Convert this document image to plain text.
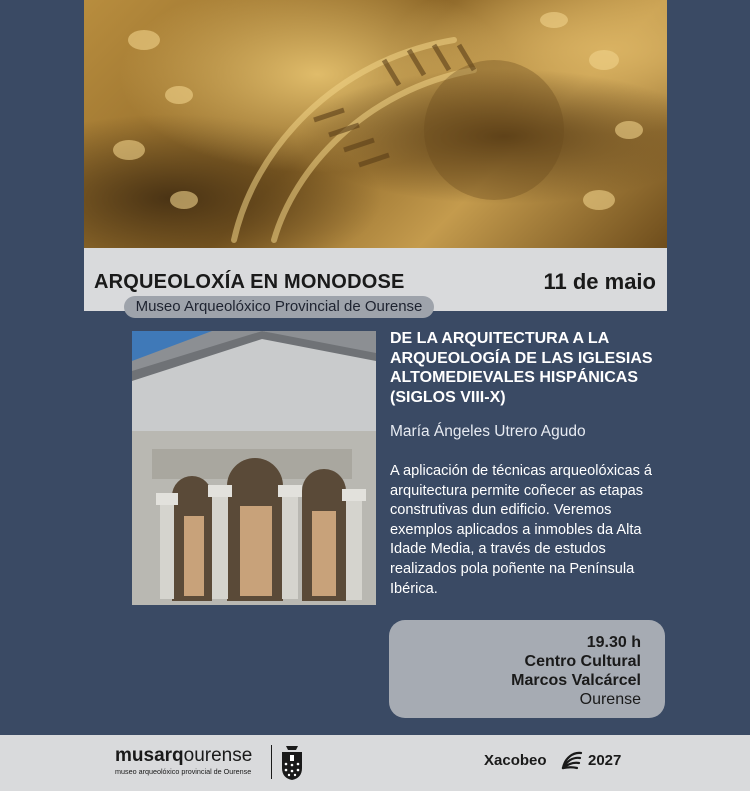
ARQUEOLOXÍA EN MONODOSE	11 de maio
Museo Arqueolóxico Provincial de Ourense
DE LA ARQUITECTURA A LA ARQUEOLOGÍA DE LAS IGLESIAS ALTOMEDIEVALES HISPÁNICAS (SIGLOS VIII-X)
María Ángeles Utrero Agudo
A aplicación de técnicas arqueolóxicas á arquitectura permite coñecer as etapas construtivas dun edificio. Veremos exemplos aplicados a inmobles da Alta Idade Media, a través de estudos realizados pola poñente na Península Ibérica.
19.30 h
Centro Cultural
Marcos Valcárcel
Ourense
musarqourense
museo arqueolóxico provincial de Ourense
Xacobeo	2027
